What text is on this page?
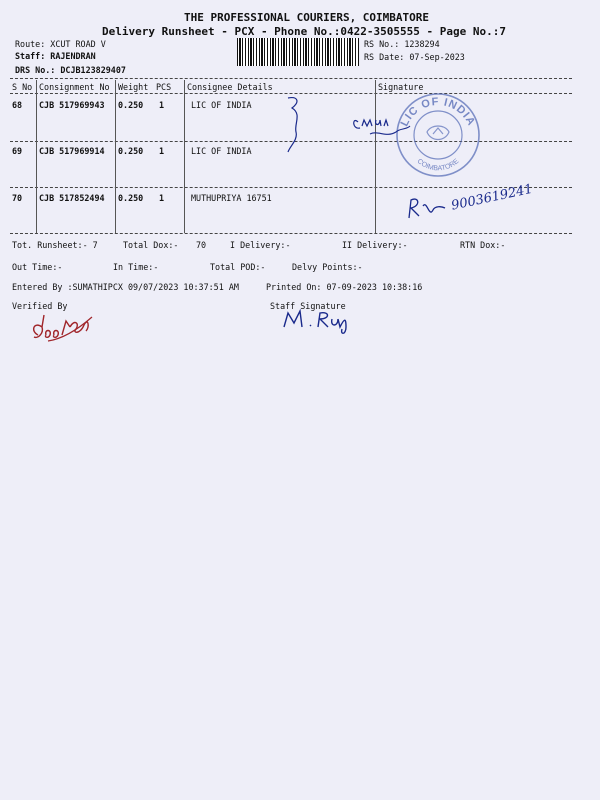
THE PROFESSIONAL COURIERS, COIMBATORE
Delivery Runsheet - PCX - Phone No.:0422-3505555 - Page No.:7
Route: XCUT ROAD V
Staff: RAJENDRAN
DRS No.: DCJB123829407
RS No.: 1238294
RS Date: 07-Sep-2023
S No Consignment No Weight PCS Consignee Details	Signature
68 CJB 517969943 0.250 1	LIC OF INDIA
69 CJB 517969914 0.250 1	LIC OF INDIA
70 CJB 517852494 0.250 1	MUTHUPRIYA 16751
LIC OF INDIA
COIMBATORE
9003619241
Tot. Runsheet:- 7	Total Dox:- 70	I Delivery:-	II Delivery:-	RTN Dox:-
Out Time:-	In Time:-	Total POD:-	Delvy Points:-
Entered By :SUMATHIPCX 09/07/2023 10:37:51 AM	Printed On: 07-09-2023 10:38:16
Verified By	Staff Signature
